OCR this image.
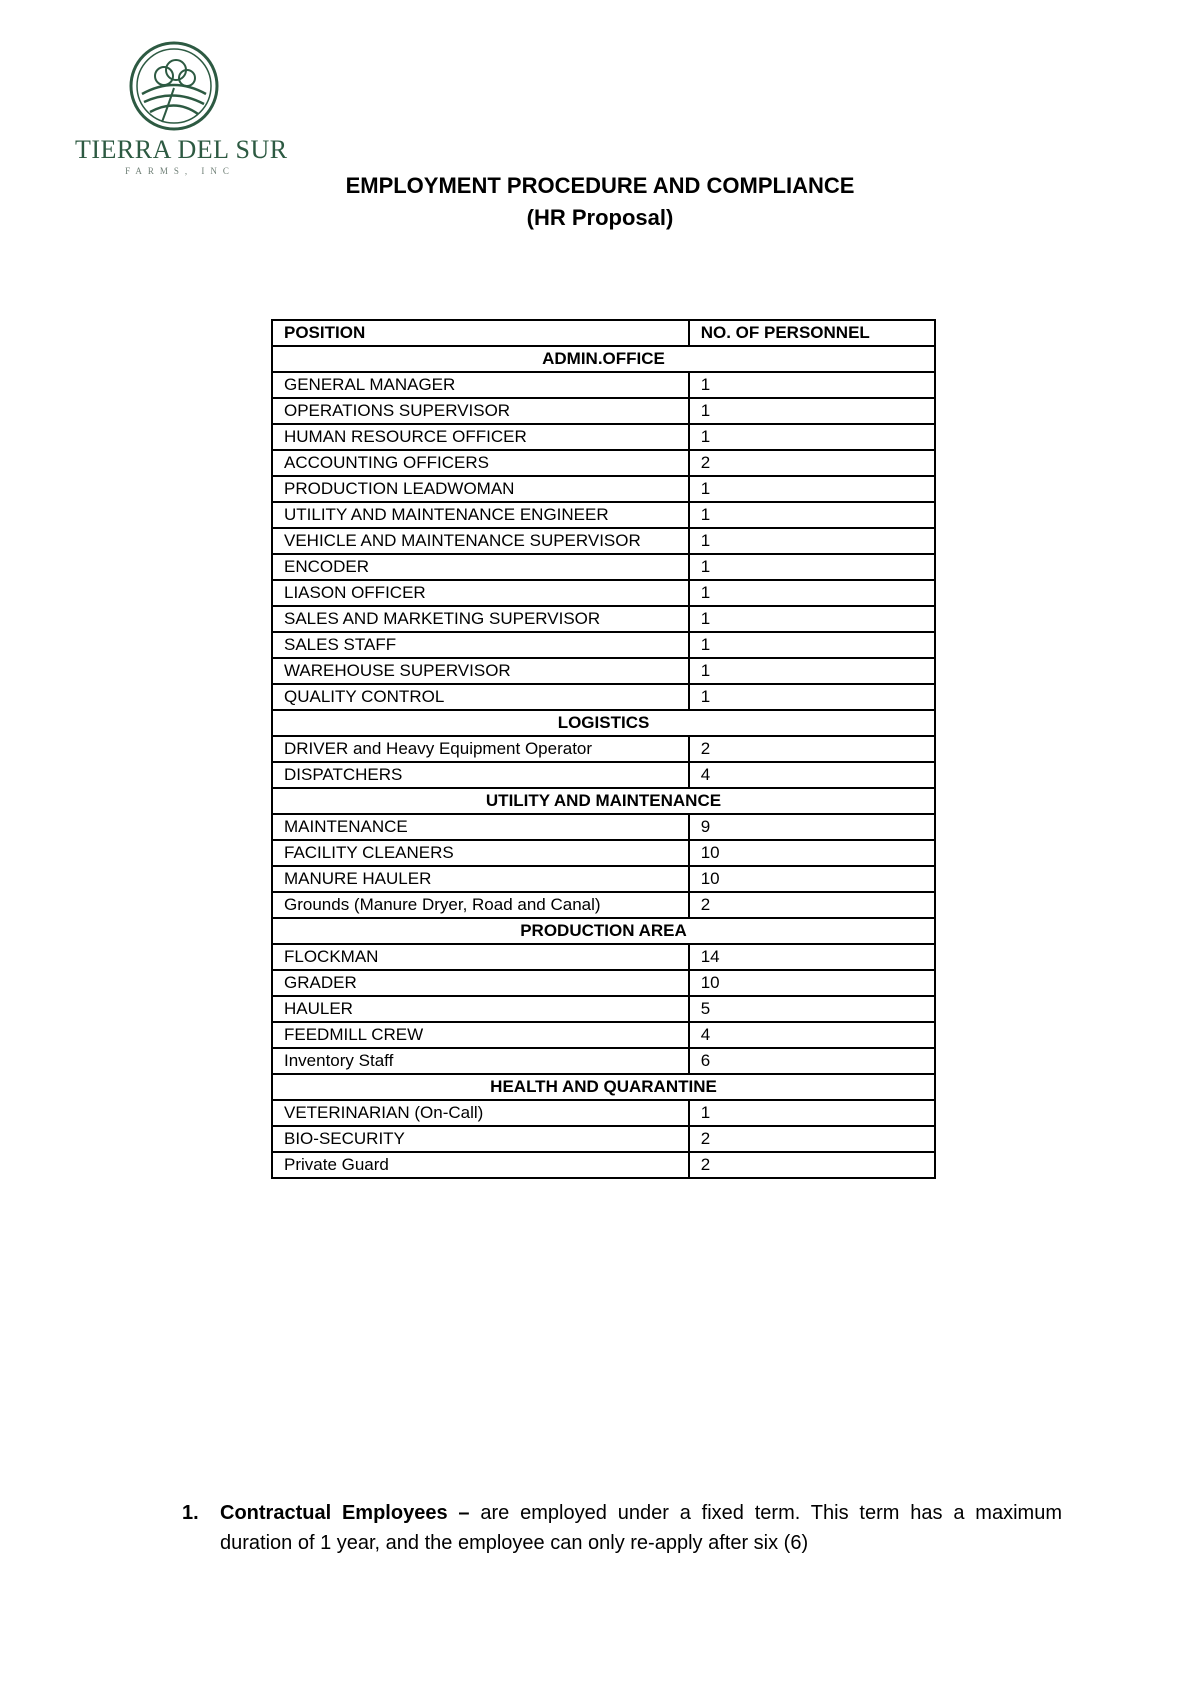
TIERRA DEL SUR
FARMS, INC
EMPLOYMENT PROCEDURE AND COMPLIANCE
(HR Proposal)
POSITION	NO. OF PERSONNEL
ADMIN.OFFICE	
GENERAL MANAGER	1
OPERATIONS SUPERVISOR	1
HUMAN RESOURCE OFFICER	1
ACCOUNTING OFFICERS	2
PRODUCTION LEADWOMAN	1
UTILITY AND MAINTENANCE ENGINEER	1
VEHICLE AND MAINTENANCE SUPERVISOR	1
ENCODER	1
LIASON OFFICER	1
SALES AND MARKETING SUPERVISOR	1
SALES STAFF	1
WAREHOUSE SUPERVISOR	1
QUALITY CONTROL	1
LOGISTICS	
DRIVER and Heavy Equipment Operator	2
DISPATCHERS	4
UTILITY AND MAINTENANCE	
MAINTENANCE	9
FACILITY CLEANERS	10
MANURE HAULER	10
Grounds (Manure Dryer, Road and Canal)	2
PRODUCTION AREA	
FLOCKMAN	14
GRADER	10
HAULER	5
FEEDMILL CREW	4
Inventory Staff	6
HEALTH AND QUARANTINE	
VETERINARIAN (On-Call)	1
BIO-SECURITY	2
Private Guard	2
1. Contractual Employees – are employed under a fixed term. This term has a maximum duration of 1 year, and the employee can only re-apply after six (6)
